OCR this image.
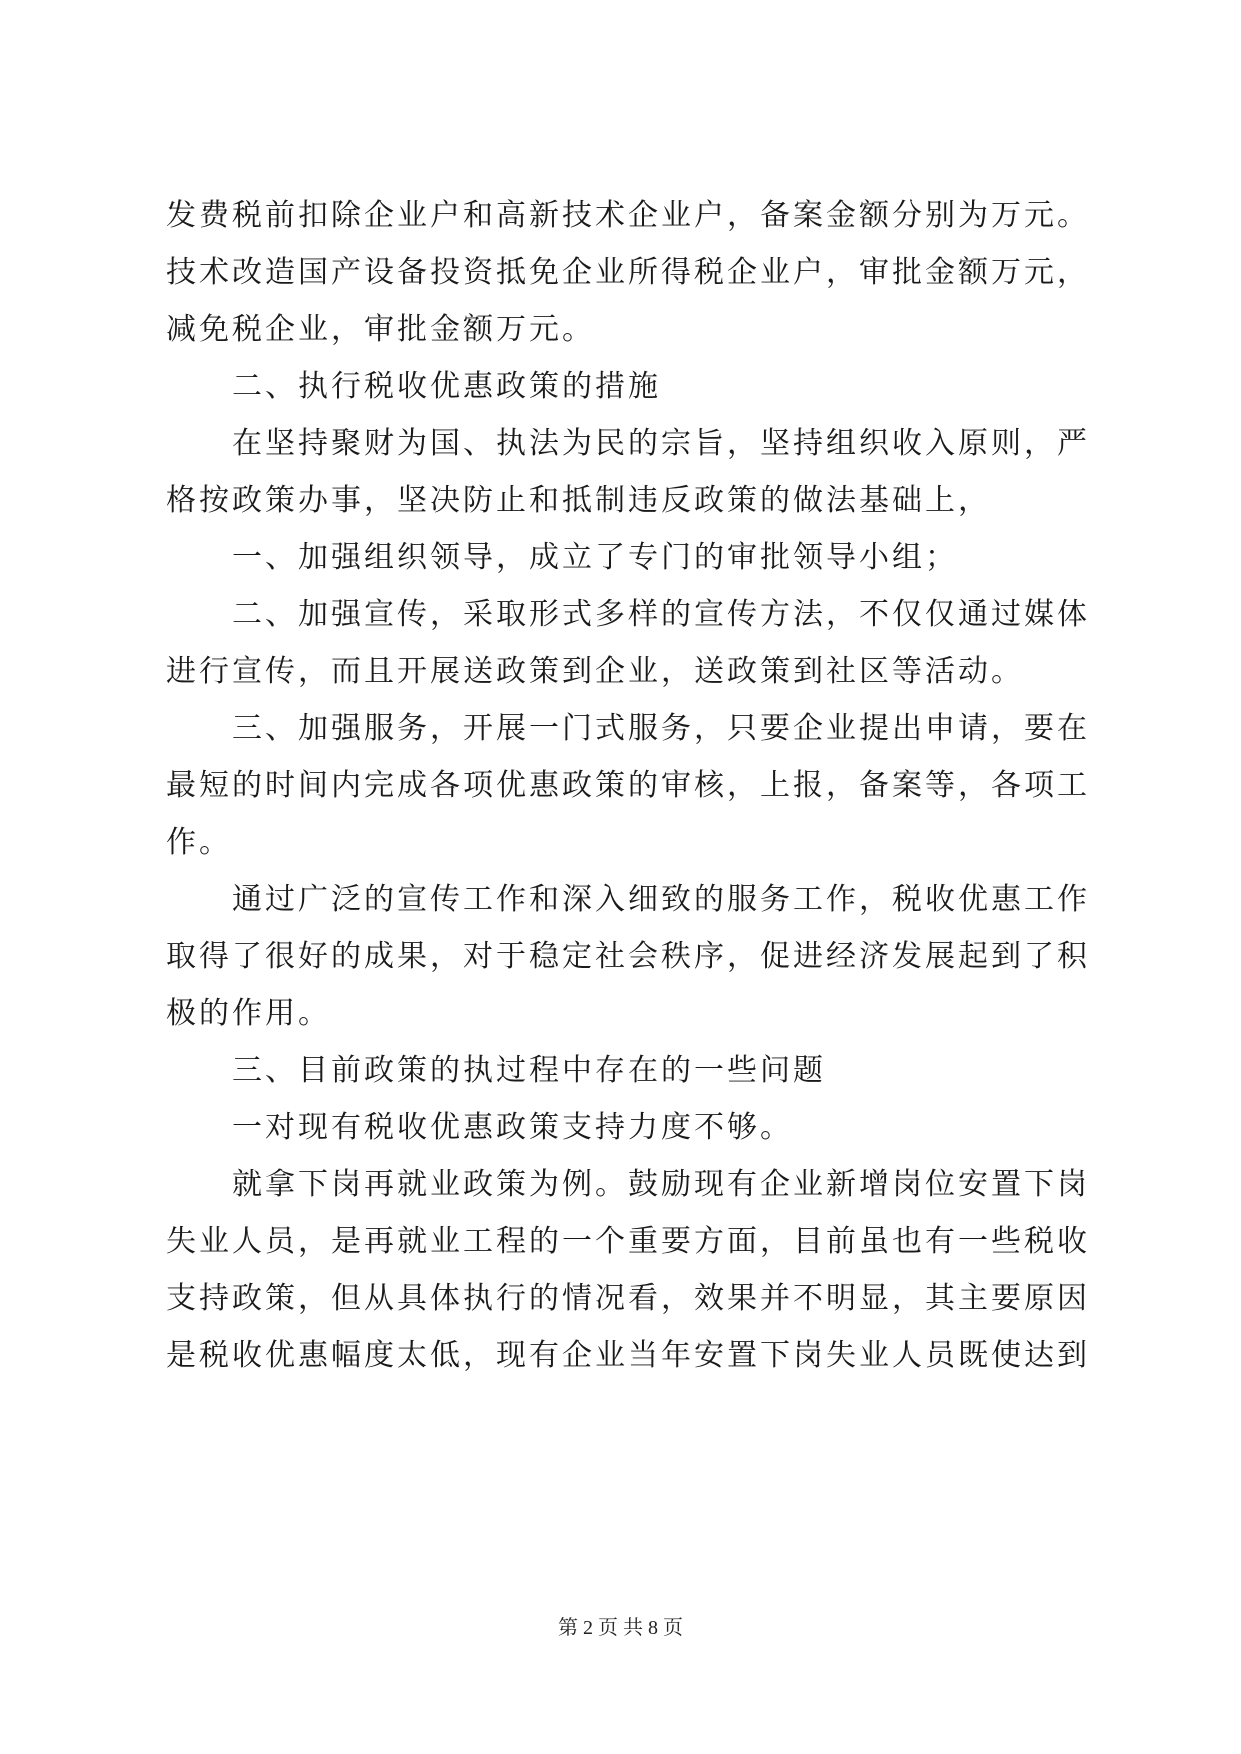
发费税前扣除企业户和高新技术企业户，备案金额分别为万元。
技术改造国产设备投资抵免企业所得税企业户，审批金额万元，
减免税企业，审批金额万元。
二、执行税收优惠政策的措施
在坚持聚财为国、执法为民的宗旨，坚持组织收入原则，严
格按政策办事，坚决防止和抵制违反政策的做法基础上，
一、加强组织领导，成立了专门的审批领导小组；
二、加强宣传，采取形式多样的宣传方法，不仅仅通过媒体
进行宣传，而且开展送政策到企业，送政策到社区等活动。
三、加强服务，开展一门式服务，只要企业提出申请，要在
最短的时间内完成各项优惠政策的审核，上报，备案等，各项工
作。
通过广泛的宣传工作和深入细致的服务工作，税收优惠工作
取得了很好的成果，对于稳定社会秩序，促进经济发展起到了积
极的作用。
三、目前政策的执过程中存在的一些问题
一对现有税收优惠政策支持力度不够。
就拿下岗再就业政策为例。鼓励现有企业新增岗位安置下岗
失业人员，是再就业工程的一个重要方面，目前虽也有一些税收
支持政策，但从具体执行的情况看，效果并不明显，其主要原因
是税收优惠幅度太低，现有企业当年安置下岗失业人员既使达到
第 2 页 共 8 页
